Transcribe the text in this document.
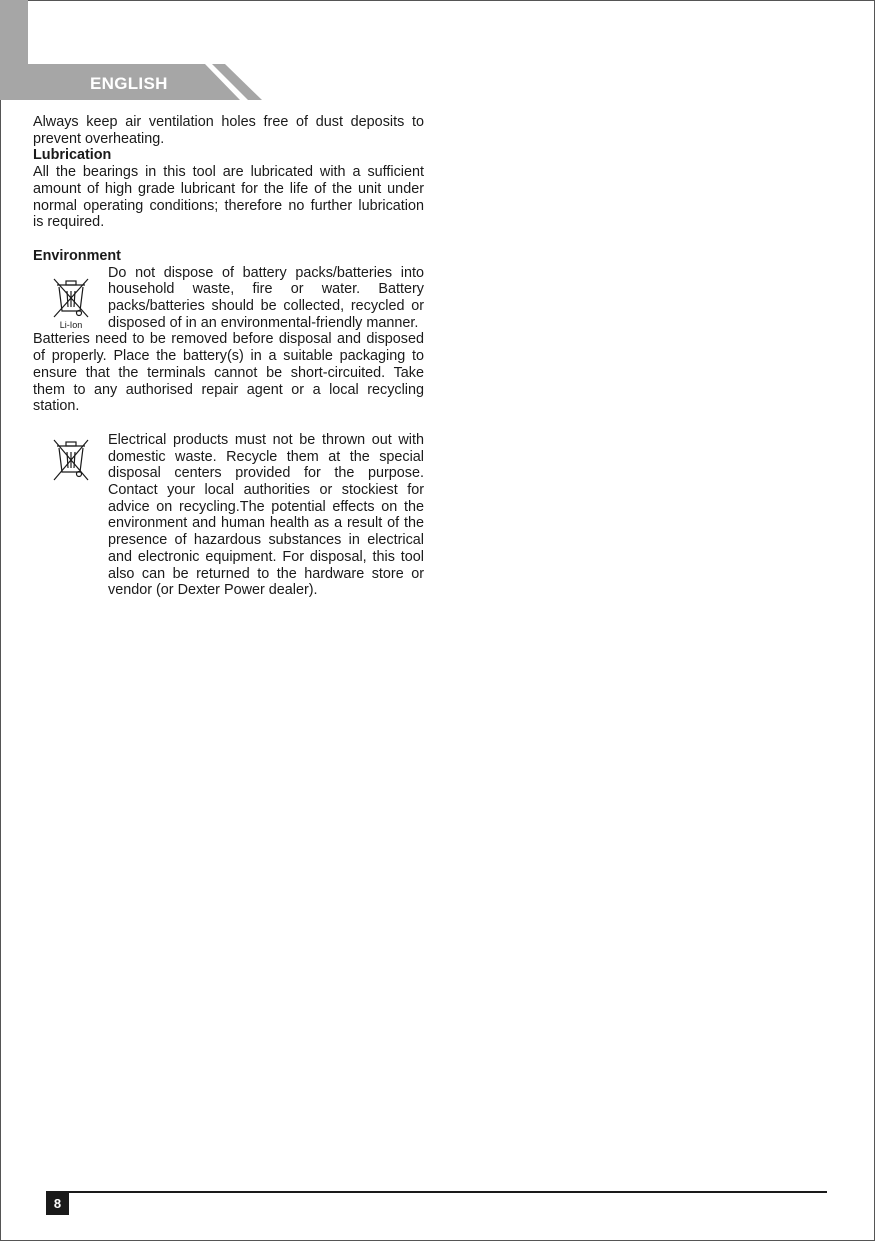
ENGLISH

Always keep air ventilation holes free of dust deposits to prevent overheating.

Lubrication

All the bearings in this tool are lubricated with a sufficient amount of high grade lubricant for the life of the unit under normal operating conditions; therefore no further lubrication is required.

Environment

Li-Ion

Do not dispose of battery packs/batteries into household waste, fire or water. Battery packs/batteries should be collected, recycled or disposed of in an environmental-friendly manner.

Batteries need to be removed before disposal and disposed of properly. Place the battery(s) in a suitable packaging to ensure that the terminals cannot be short-circuited. Take them to any authorised repair agent or a local recycling station.

Electrical products must not be thrown out with domestic waste. Recycle them at the special disposal centers provided for the purpose. Contact your local authorities or stockiest for advice on recycling.The potential effects on the environment and human health as a result of the presence of hazardous substances in electrical and electronic equipment. For disposal, this tool also can be returned to the hardware store or vendor (or Dexter Power dealer).

8
